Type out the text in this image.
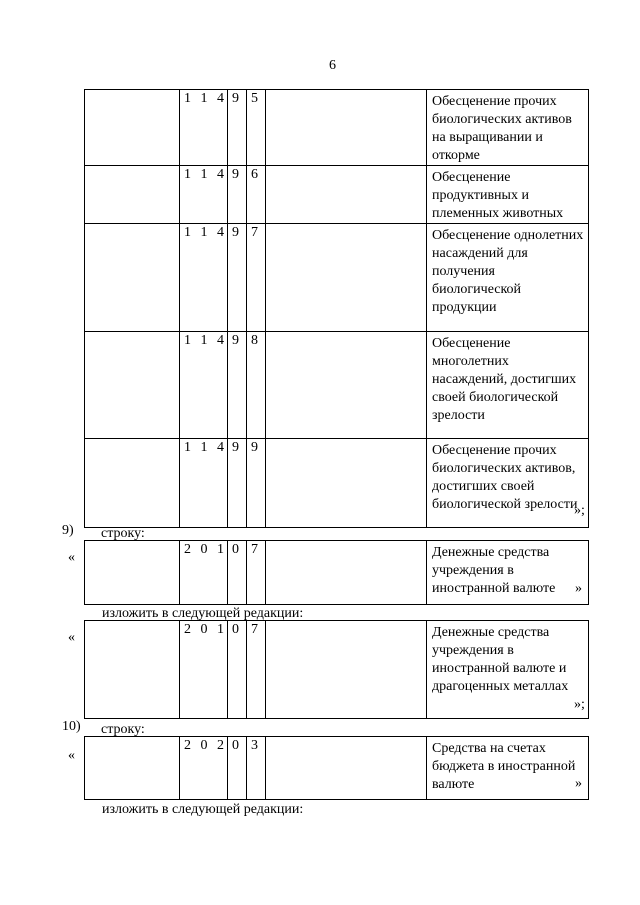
6
	1 1 4	9	5		Обесценение прочих биологических активов на выращивании и откорме
	1 1 4	9	6		Обесценение продуктивных и племенных животных
	1 1 4	9	7		Обесценение однолетних насаждений для получения биологической продукции
	1 1 4	9	8		Обесценение многолетних насаждений, достигших своей биологической зрелости
	1 1 4	9	9		Обесценение прочих биологических активов, достигших своей биологической зрелости
»;
9) строку:
«
	2 0 1	0	7		Денежные средства учреждения в иностранной валюте »
изложить в следующей редакции:
«
	2 0 1	0	7		Денежные средства учреждения в иностранной валюте и драгоценных металлах
»;
10) строку:
«
	2 0 2	0	3		Средства на счетах бюджета в иностранной валюте	»
изложить в следующей редакции:
